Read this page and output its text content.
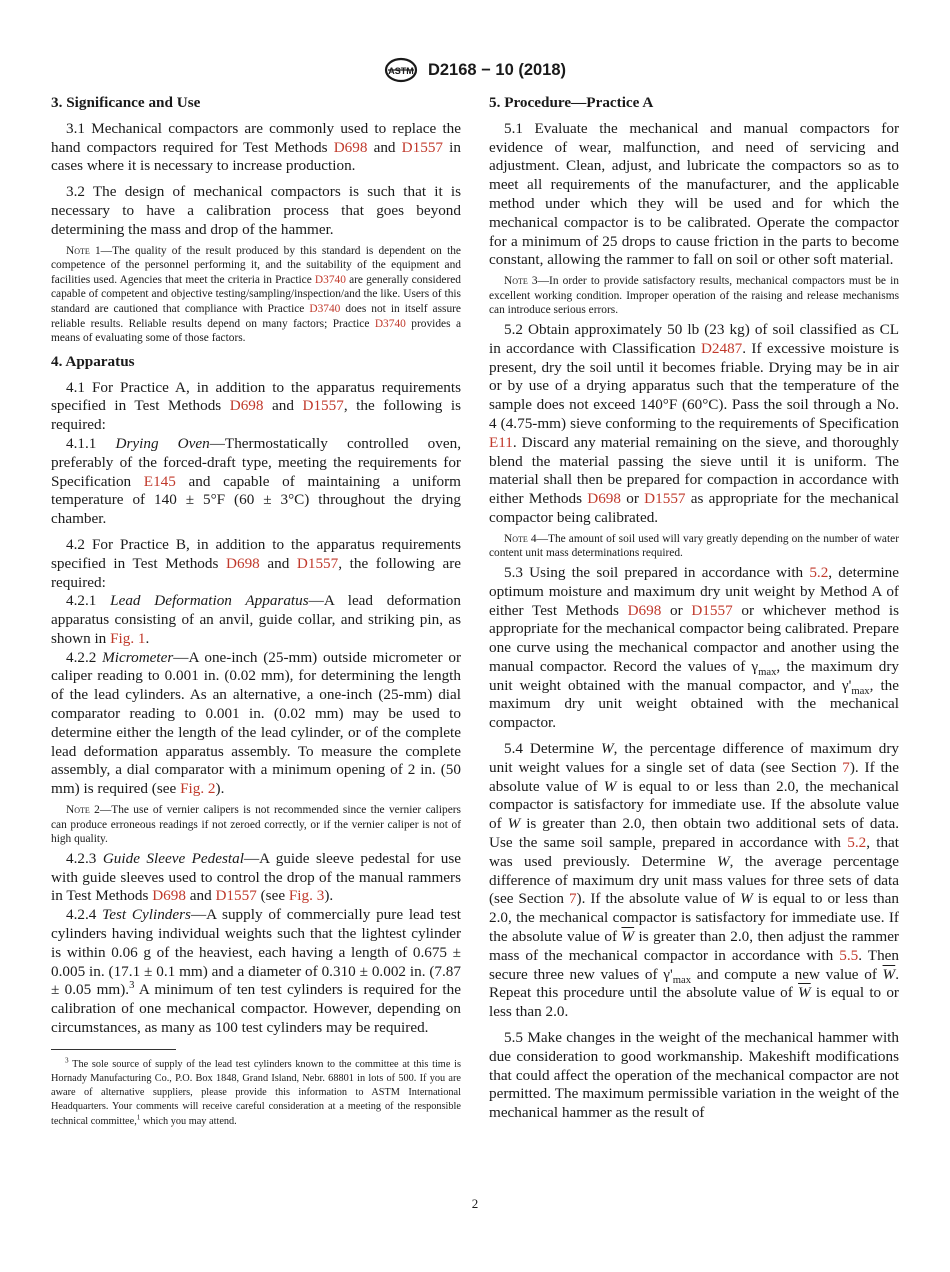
ASTM D2168 − 10 (2018)
3. Significance and Use

3.1 Mechanical compactors are commonly used to replace the hand compactors required for Test Methods D698 and D1557 in cases where it is necessary to increase production.

3.2 The design of mechanical compactors is such that it is necessary to have a calibration process that goes beyond determining the mass and drop of the hammer.

Note 1—The quality of the result produced by this standard is dependent on the competence of the personnel performing it, and the suitability of the equipment and facilities used. Agencies that meet the criteria in Practice D3740 are generally considered capable of competent and objective testing/sampling/inspection/and the like. Users of this standard are cautioned that compliance with Practice D3740 does not in itself assure reliable results. Reliable results depend on many factors; Practice D3740 provides a means of evaluating some of those factors.

4. Apparatus

4.1 For Practice A, in addition to the apparatus requirements specified in Test Methods D698 and D1557, the following is required:

4.1.1 Drying Oven—Thermostatically controlled oven, preferably of the forced-draft type, meeting the requirements for Specification E145 and capable of maintaining a uniform temperature of 140 ± 5°F (60 ± 3°C) throughout the drying chamber.

4.2 For Practice B, in addition to the apparatus requirements specified in Test Methods D698 and D1557, the following are required:

4.2.1 Lead Deformation Apparatus—A lead deformation apparatus consisting of an anvil, guide collar, and striking pin, as shown in Fig. 1.

4.2.2 Micrometer—A one-inch (25-mm) outside micrometer or caliper reading to 0.001 in. (0.02 mm), for determining the length of the lead cylinders. As an alternative, a one-inch (25-mm) dial comparator reading to 0.001 in. (0.02 mm) may be used to determine either the length of the lead cylinder, or of the complete lead deformation apparatus assembly. To measure the complete assembly, a dial comparator with a minimum opening of 2 in. (50 mm) is required (see Fig. 2).

Note 2—The use of vernier calipers is not recommended since the vernier calipers can produce erroneous readings if not zeroed correctly, or if the vernier caliper is not of high quality.

4.2.3 Guide Sleeve Pedestal—A guide sleeve pedestal for use with guide sleeves used to control the drop of the manual rammers in Test Methods D698 and D1557 (see Fig. 3).

4.2.4 Test Cylinders—A supply of commercially pure lead test cylinders having individual weights such that the lightest cylinder is within 0.06 g of the heaviest, each having a length of 0.675 ± 0.005 in. (17.1 ± 0.1 mm) and a diameter of 0.310 ± 0.002 in. (7.87 ± 0.05 mm).$^3$ A minimum of ten test cylinders is required for the calibration of one mechanical compactor. However, depending on circumstances, as many as 100 test cylinders may be required.

$^3$ The sole source of supply of the lead test cylinders known to the committee at this time is Hornady Manufacturing Co., P.O. Box 1848, Grand Island, Nebr. 68801 in lots of 500. If you are aware of alternative suppliers, please provide this information to ASTM International Headquarters. Your comments will receive careful consideration at a meeting of the responsible technical committee,$^1$ which you may attend.

5. Procedure—Practice A

5.1 Evaluate the mechanical and manual compactors for evidence of wear, malfunction, and need of servicing and adjustment. Clean, adjust, and lubricate the compactors so as to meet all requirements of the manufacturer, and the applicable method under which they will be used and for which the mechanical compactor is to be calibrated. Operate the compactor for a minimum of 25 drops to cause friction in the parts to become constant, allowing the rammer to fall on soil or other soft material.

Note 3—In order to provide satisfactory results, mechanical compactors must be in excellent working condition. Improper operation of the raising and release mechanisms can introduce serious errors.

5.2 Obtain approximately 50 lb (23 kg) of soil classified as CL in accordance with Classification D2487. If excessive moisture is present, dry the soil until it becomes friable. Drying may be in air or by use of a drying apparatus such that the temperature of the sample does not exceed 140°F (60°C). Pass the soil through a No. 4 (4.75-mm) sieve conforming to the requirements of Specification E11. Discard any material remaining on the sieve, and thoroughly blend the material passing the sieve until it is uniform. The material shall then be prepared for compaction in accordance with either Methods D698 or D1557 as appropriate for the mechanical compactor being calibrated.

Note 4—The amount of soil used will vary greatly depending on the number of water content unit mass determinations required.

5.3 Using the soil prepared in accordance with 5.2, determine optimum moisture and maximum dry unit weight by Method A of either Test Methods D698 or D1557 or whichever method is appropriate for the mechanical compactor being calibrated. Prepare one curve using the mechanical compactor and another using the manual compactor. Record the values of $\gamma_{max}$, the maximum dry unit weight obtained with the manual compactor, and $\gamma'_{max}$, the maximum dry unit weight obtained with the mechanical compactor.

5.4 Determine W, the percentage difference of maximum dry unit weight values for a single set of data (see Section 7). If the absolute value of W is equal to or less than 2.0, the mechanical compactor is satisfactory for immediate use. If the absolute value of W is greater than 2.0, then obtain two additional sets of data. Use the same soil sample, prepared in accordance with 5.2, that was used previously. Determine W, the average percentage difference of maximum dry unit mass values for three sets of data (see Section 7). If the absolute value of W is equal to or less than 2.0, the mechanical compactor is satisfactory for immediate use. If the absolute value of $\overline{W}$ is greater than 2.0, then adjust the rammer mass of the mechanical compactor in accordance with 5.5. Then secure three new values of $\gamma'_{max}$ and compute a new value of $\overline{W}$. Repeat this procedure until the absolute value of $\overline{W}$ is equal to or less than 2.0.

5.5 Make changes in the weight of the mechanical hammer with due consideration to good workmanship. Makeshift modifications that could affect the operation of the mechanical compactor are not permitted. The maximum permissible variation in the weight of the mechanical hammer as the result of

2
